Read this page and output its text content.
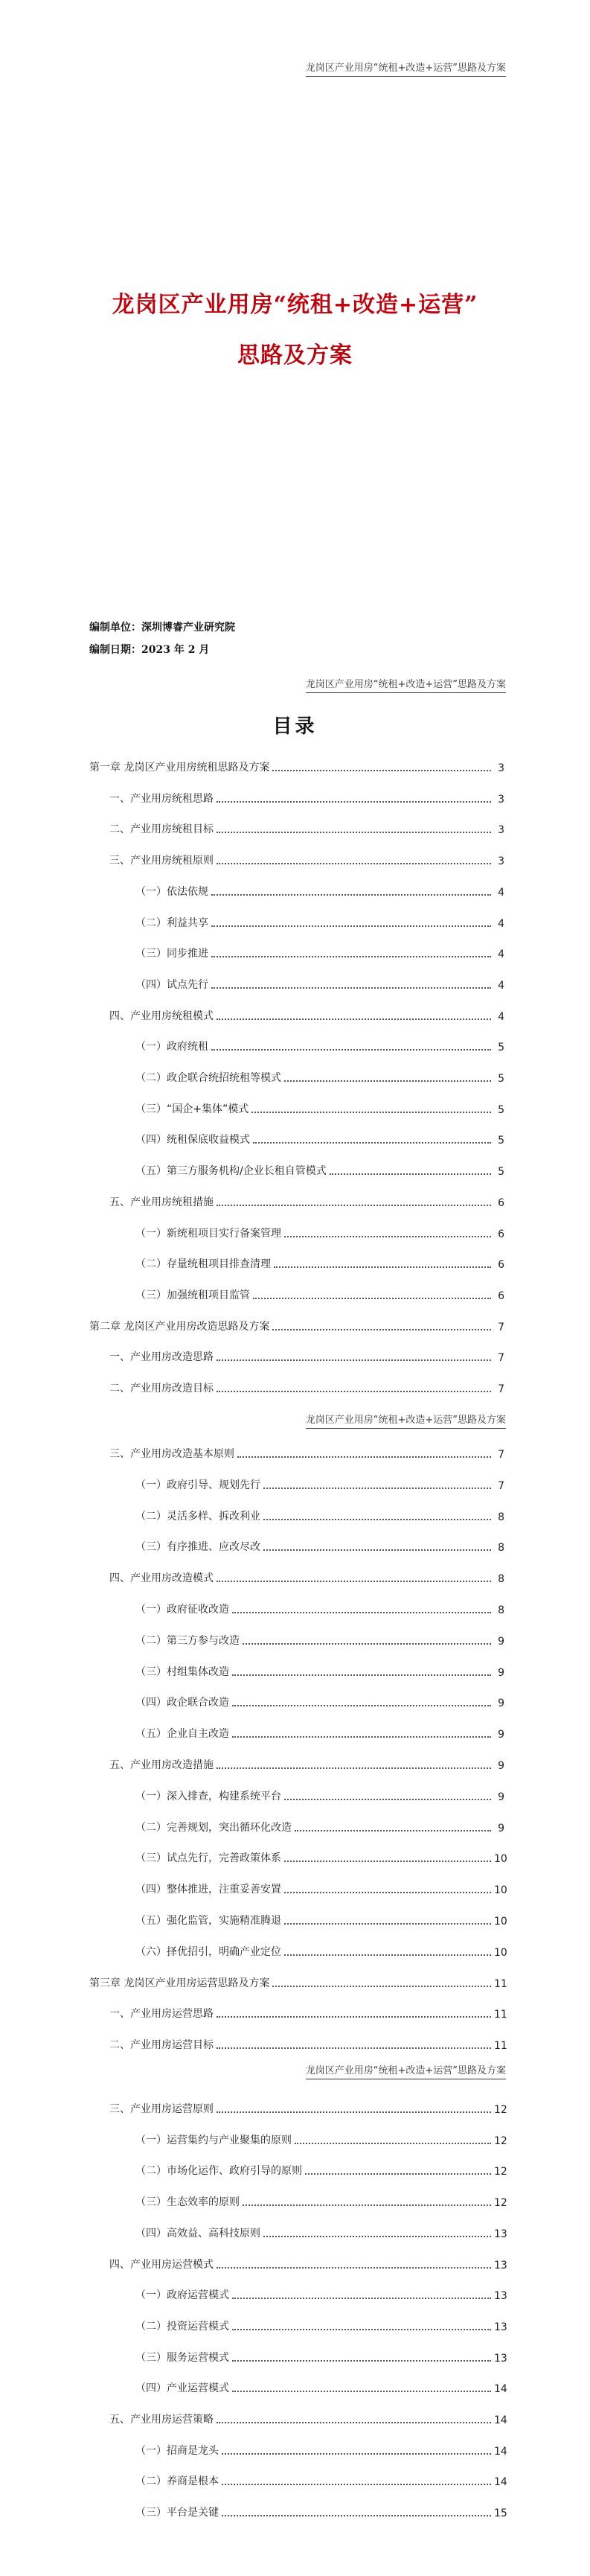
龙岗区产业用房“统租+改造+运营”思路及方案
龙岗区产业用房“统租+改造+运营”
思路及方案
编制单位：深圳博睿产业研究院
编制日期：2023 年 2 月
龙岗区产业用房“统租+改造+运营”思路及方案
目录
第一章 龙岗区产业用房统租思路及方案	3
一、产业用房统租思路	3
二、产业用房统租目标	3
三、产业用房统租原则	3
（一）依法依规	4
（二）利益共享	4
（三）同步推进	4
（四）试点先行	4
四、产业用房统租模式	4
（一）政府统租	5
（二）政企联合统招统租等模式	5
（三）“国企+集体”模式	5
（四）统租保底收益模式	5
（五）第三方服务机构/企业长租自管模式	5
五、产业用房统租措施	6
（一）新统租项目实行备案管理	6
（二）存量统租项目排查清理	6
（三）加强统租项目监管	6
第二章 龙岗区产业用房改造思路及方案	7
一、产业用房改造思路	7
二、产业用房改造目标	7
龙岗区产业用房“统租+改造+运营”思路及方案
三、产业用房改造基本原则	7
（一）政府引导、规划先行	7
（二）灵活多样、拆改利业	8
（三）有序推进、应改尽改	8
四、产业用房改造模式	8
（一）政府征收改造	8
（二）第三方参与改造	9
（三）村组集体改造	9
（四）政企联合改造	9
（五）企业自主改造	9
五、产业用房改造措施	9
（一）深入排查，构建系统平台	9
（二）完善规划，突出循环化改造	9
（三）试点先行，完善政策体系	10
（四）整体推进，注重妥善安置	10
（五）强化监管，实施精准腾退	10
（六）择优招引，明确产业定位	10
第三章 龙岗区产业用房运营思路及方案	11
一、产业用房运营思路	11
二、产业用房运营目标	11
龙岗区产业用房“统租+改造+运营”思路及方案
三、产业用房运营原则	12
（一）运营集约与产业聚集的原则	12
（二）市场化运作、政府引导的原则	12
（三）生态效率的原则	12
（四）高效益、高科技原则	13
四、产业用房运营模式	13
（一）政府运营模式	13
（二）投资运营模式	13
（三）服务运营模式	13
（四）产业运营模式	14
五、产业用房运营策略	14
（一）招商是龙头	14
（二）养商是根本	14
（三）平台是关键	15
